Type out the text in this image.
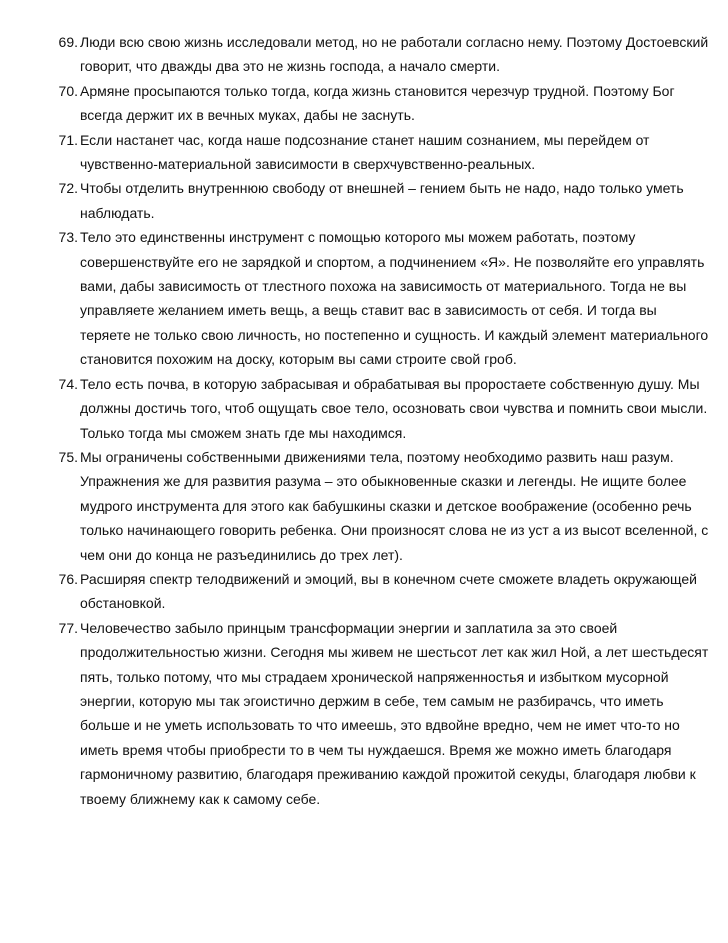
69. Люди всю свою жизнь исследовали метод, но не работали согласно нему. Поэтому Достоевский говорит, что дважды два это не жизнь господа, а начало смерти.
70. Армяне просыпаются только тогда, когда жизнь становится черезчур трудной. Поэтому Бог всегда держит их в вечных муках, дабы не заснуть.
71. Если настанет час, когда наше подсознание станет нашим сознанием, мы перейдем от чувственно-материальной зависимости в сверхчувственно-реальных.
72. Чтобы отделить внутреннюю свободу от внешней – гением быть не надо, надо только уметь наблюдать.
73. Тело это единственны инструмент с помощью которого мы можем работать, поэтому совершенствуйте его не зарядкой и спортом, а подчинением «Я». Не позволяйте его управлять вами, дабы зависимость от тлестного похожа на зависимость от материального. Тогда не вы управляете желанием иметь вещь, а вещь ставит вас в зависимость от себя. И тогда вы теряете не только свою личность, но постепенно и сущность. И каждый элемент материального становится похожим на доску, которым вы сами строите свой гроб.
74. Тело есть почва, в которую забрасывая и обрабатывая вы проростаете собственную душу. Мы должны достичь того, чтоб ощущать свое тело, осозновать свои чувства и помнить свои мысли. Только тогда мы сможем знать где мы находимся.
75. Мы ограничены собственными движениями тела, поэтому необходимо развить наш разум. Упражнения же для развития разума – это обыкновенные сказки и легенды. Не ищите более мудрого инструмента для этого как бабушкины сказки и детское воображение (особенно речь только начинающего говорить ребенка. Они произносят слова не из уст а из высот вселенной, с чем они до конца не разъединились до трех лет).
76. Расширяя спектр телодвижений и эмоций, вы в конечном счете сможете владеть окружающей обстановкой.
77. Человечество забыло принцым трансформации энергии и заплатила за это своей продолжительностью жизни. Сегодня мы живем не шестьсот лет как жил Ной, а лет шестьдесят пять, только потому, что мы страдаем хронической напряженностья и избытком мусорной энергии, которую мы так эгоистично держим в себе, тем самым не разбирачсь, что иметь больше и не уметь использовать то что имеешь, это вдвойне вредно, чем не имет что-то но иметь время чтобы приобрести то в чем ты нуждаешся. Время же можно иметь благодаря гармоничному развитию, благодаря преживанию каждой прожитой секуды, благодаря любви к твоему ближнему как к самому себе.
